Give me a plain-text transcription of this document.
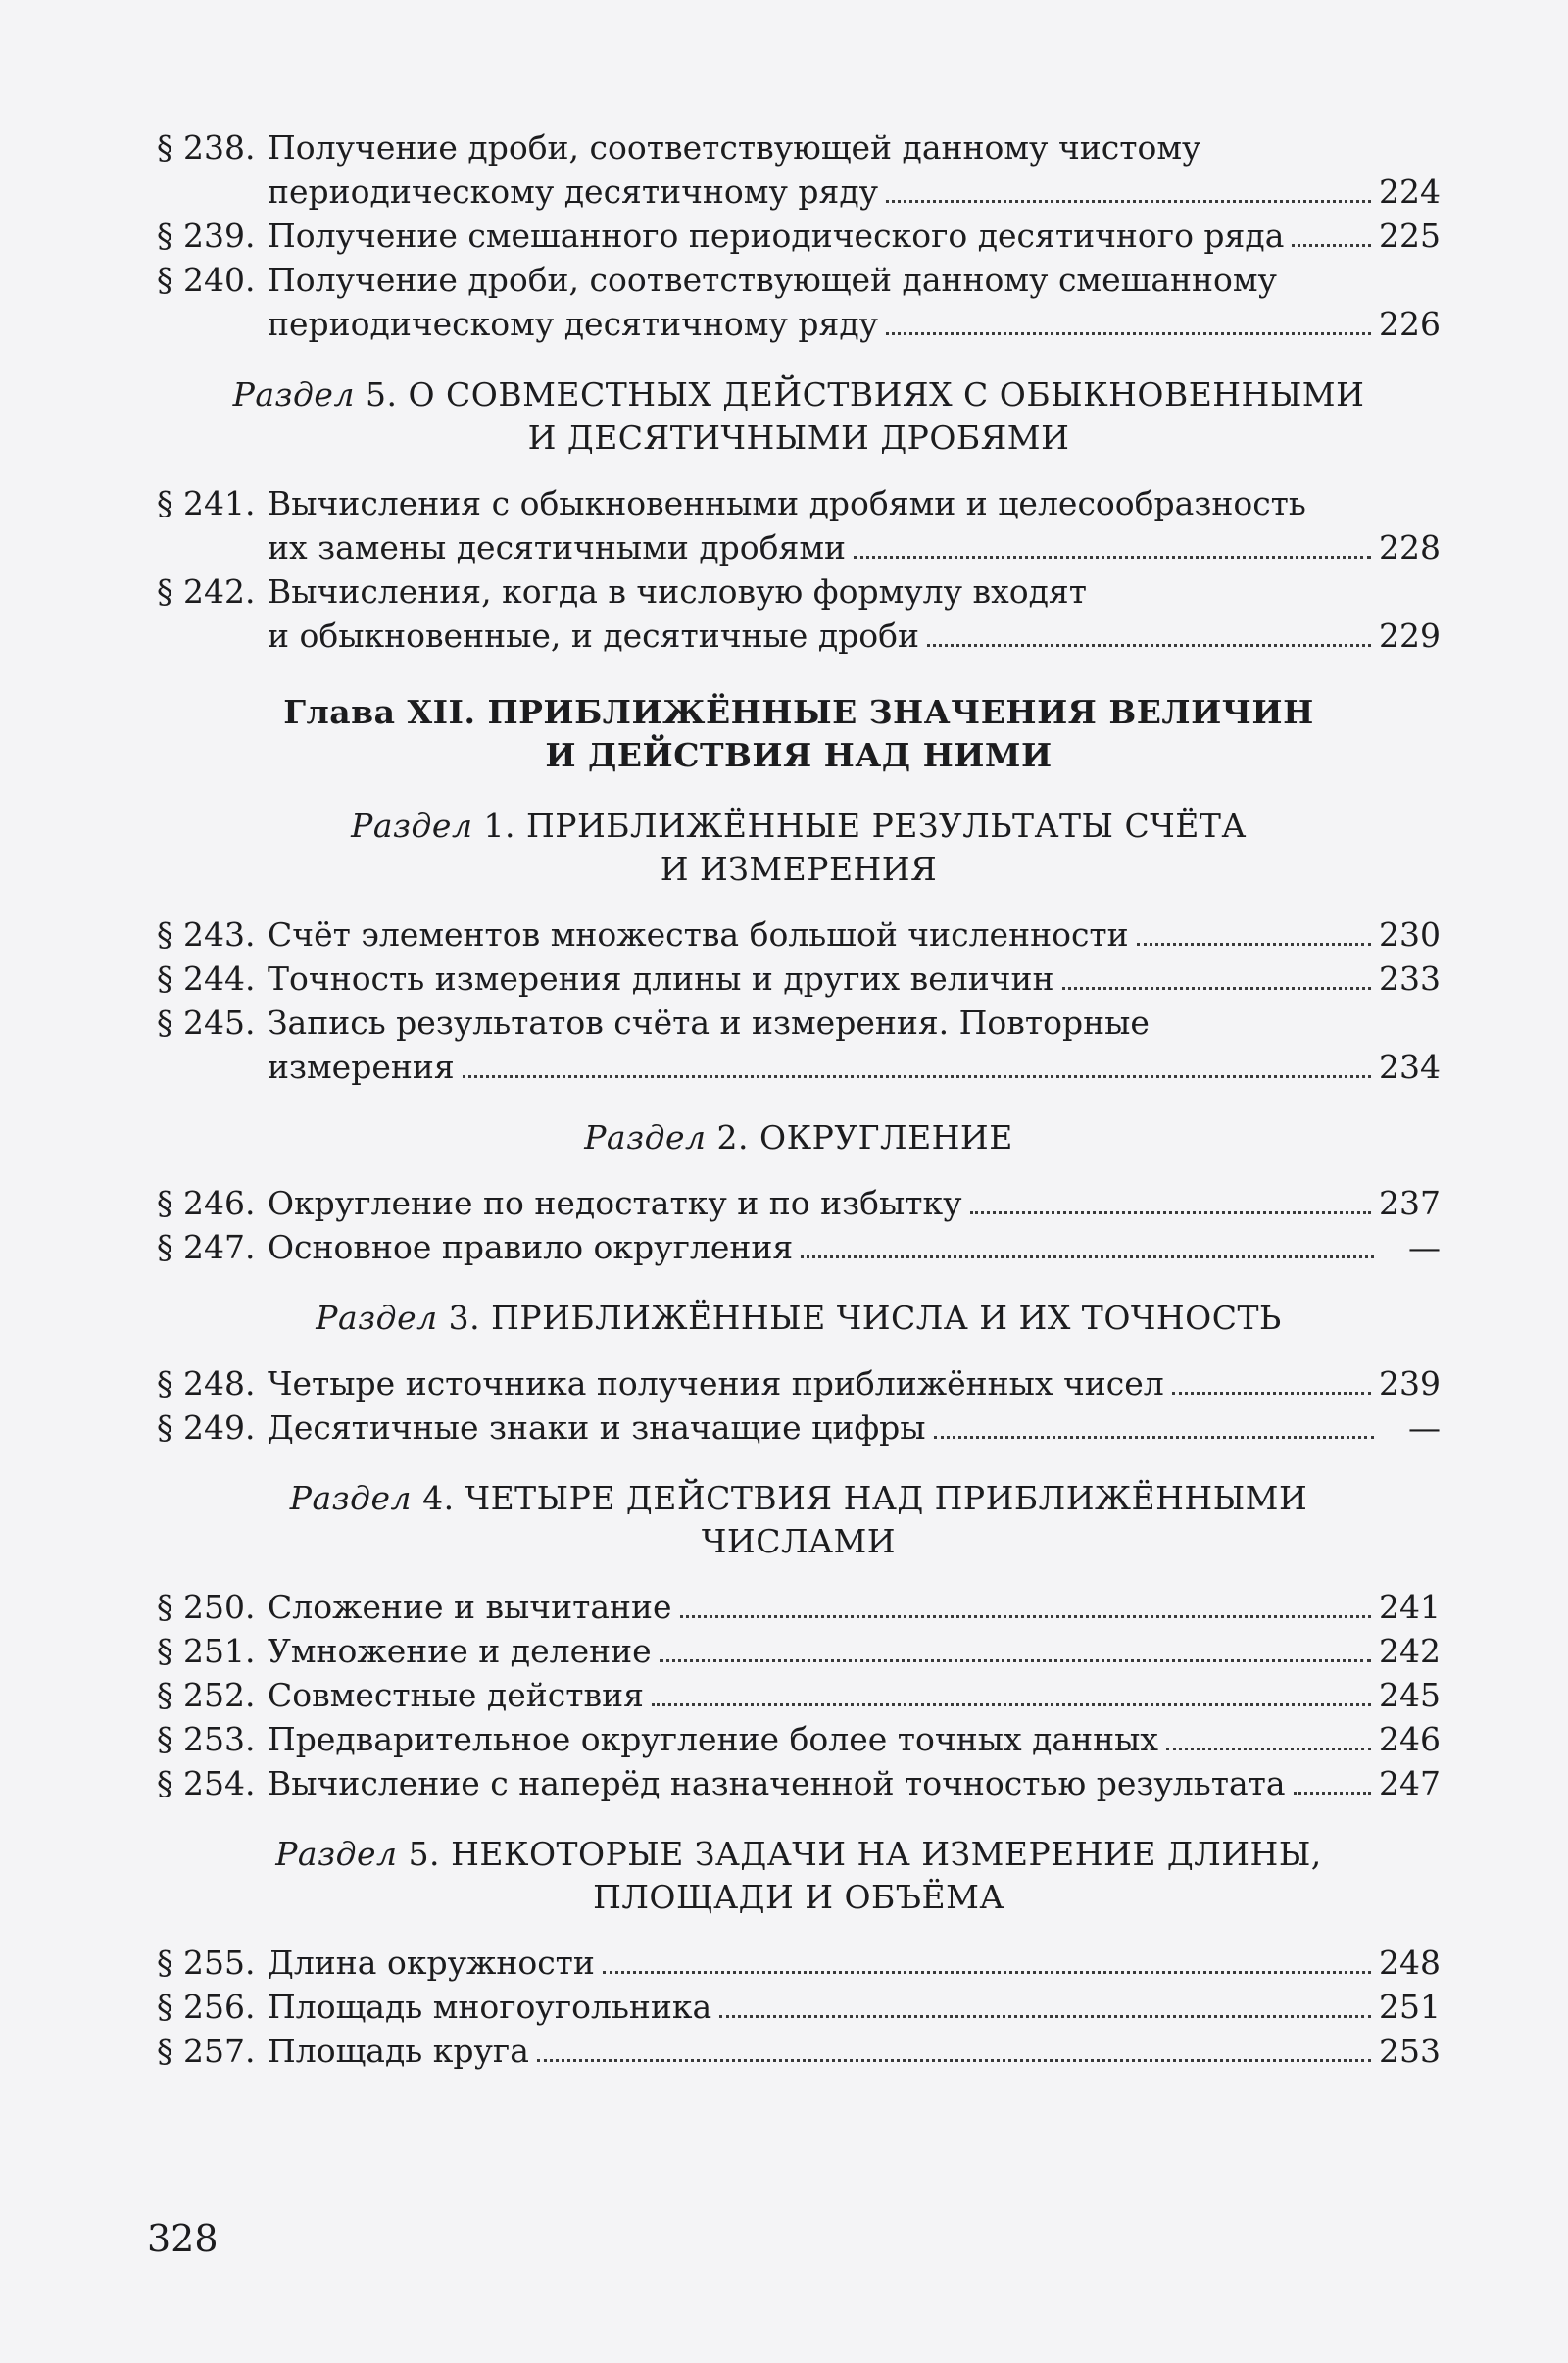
§ 238. Получение дроби, соответствующей данному чистому
периодическому десятичному ряду	224
§ 239. Получение смешанного периодического десятичного ряда	225
§ 240. Получение дроби, соответствующей данному смешанному
периодическому десятичному ряду	226
Раздел 5. О СОВМЕСТНЫХ ДЕЙСТВИЯХ С ОБЫКНОВЕННЫМИ
И ДЕСЯТИЧНЫМИ ДРОБЯМИ
§ 241. Вычисления с обыкновенными дробями и целесообразность
их замены десятичными дробями	228
§ 242. Вычисления, когда в числовую формулу входят
и обыкновенные, и десятичные дроби	229
Глава XII. ПРИБЛИЖЁННЫЕ ЗНАЧЕНИЯ ВЕЛИЧИН
И ДЕЙСТВИЯ НАД НИМИ
Раздел 1. ПРИБЛИЖЁННЫЕ РЕЗУЛЬТАТЫ СЧЁТА
И ИЗМЕРЕНИЯ
§ 243. Счёт элементов множества большой численности	230
§ 244. Точность измерения длины и других величин	233
§ 245. Запись результатов счёта и измерения. Повторные
измерения	234
Раздел 2. ОКРУГЛЕНИЕ
§ 246. Округление по недостатку и по избытку	237
§ 247. Основное правило округления	—
Раздел 3. ПРИБЛИЖЁННЫЕ ЧИСЛА И ИХ ТОЧНОСТЬ
§ 248. Четыре источника получения приближённых чисел	239
§ 249. Десятичные знаки и значащие цифры	—
Раздел 4. ЧЕТЫРЕ ДЕЙСТВИЯ НАД ПРИБЛИЖЁННЫМИ
ЧИСЛАМИ
§ 250. Сложение и вычитание	241
§ 251. Умножение и деление	242
§ 252. Совместные действия	245
§ 253. Предварительное округление более точных данных	246
§ 254. Вычисление с наперёд назначенной точностью результата	247
Раздел 5. НЕКОТОРЫЕ ЗАДАЧИ НА ИЗМЕРЕНИЕ ДЛИНЫ,
ПЛОЩАДИ И ОБЪЁМА
§ 255. Длина окружности	248
§ 256. Площадь многоугольника	251
§ 257. Площадь круга	253
328
